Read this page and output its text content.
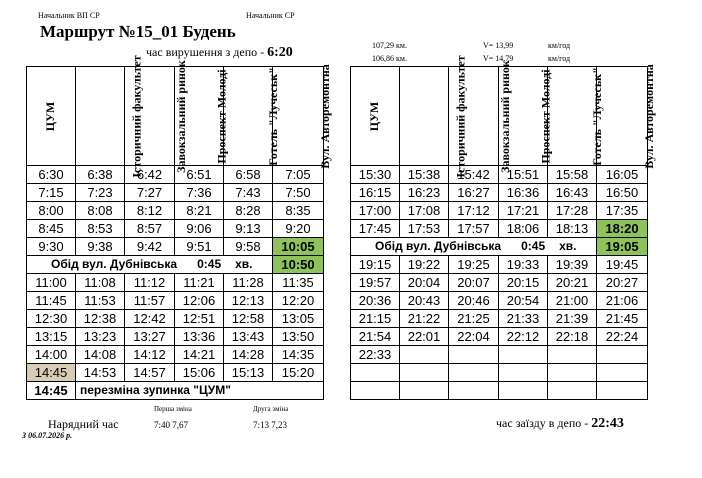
Начальник ВП СР	Начальник СР
Маршрут №15_01 Будень
час вирушення з депо - 6:20	107,29 км.
106,86 км.
V= 13,99
V= 14,79
км/год
км/год
ЦУМ	Історичний факультет	Завокзальний ринок	Проспект Молоді	Готель "Лучеськ"	Вул. Авторемонтна
6:30	6:38	6:42	6:51	6:58	7:05
7:15	7:23	7:27	7:36	7:43	7:50
8:00	8:08	8:12	8:21	8:28	8:35
8:45	8:53	8:57	9:06	9:13	9:20
9:30	9:38	9:42	9:51	9:58	10:05
Обід вул. Дубнівська 0:45 хв.					10:50
11:00	11:08	11:12	11:21	11:28	11:35
11:45	11:53	11:57	12:06	12:13	12:20
12:30	12:38	12:42	12:51	12:58	13:05
13:15	13:23	13:27	13:36	13:43	13:50
14:00	14:08	14:12	14:21	14:28	14:35
14:45	14:53	14:57	15:06	15:13	15:20
14:45	перезміна зупинка "ЦУМ"				
ЦУМ	Історичний факультет	Завокзальний ринок	Проспект Молоді	Готель "Лучеськ"	Вул. Авторемонтна
15:30	15:38	15:42	15:51	15:58	16:05
16:15	16:23	16:27	16:36	16:43	16:50
17:00	17:08	17:12	17:21	17:28	17:35
17:45	17:53	17:57	18:06	18:13	18:20
Обід вул. Дубнівська 0:45 хв.					19:05
19:15	19:22	19:25	19:33	19:39	19:45
19:57	20:04	20:07	20:15	20:21	20:27
20:36	20:43	20:46	20:54	21:00	21:06
21:15	21:22	21:25	21:33	21:39	21:45
21:54	22:01	22:04	22:12	22:18	22:24
22:33					

Нарядний час
Перша зміна
7:40 7,67
Друга зміна
7:13 7,23
З 06.07.2026 р.
час заїзду в депо - 22:43
